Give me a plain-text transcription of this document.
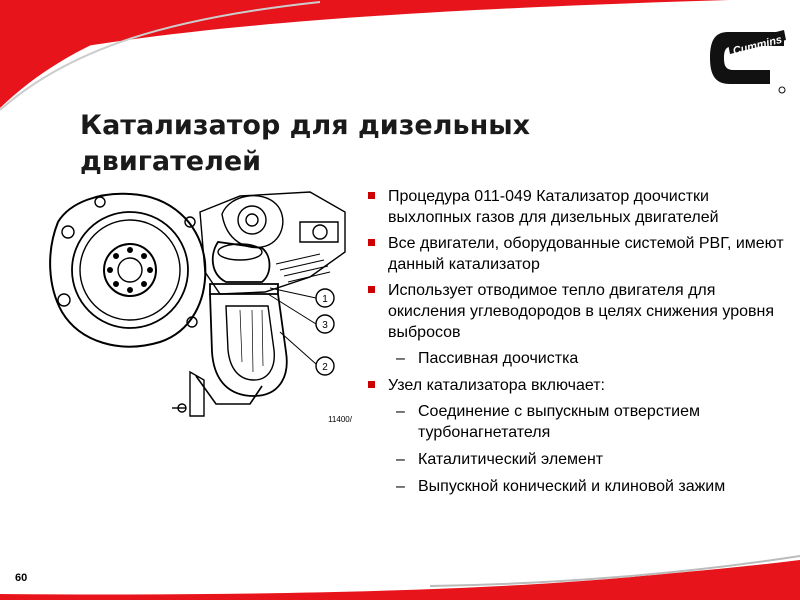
Cummins
Катализатор для дизельных двигателей
1
3
2
11400/
Процедура 011-049 Катализатор доочистки выхлопных газов для дизельных двигателей
Все двигатели, оборудованные системой РВГ, имеют данный катализатор
Использует отводимое тепло двигателя для окисления углеводородов в целях снижения уровня выбросов
– Пассивная доочистка
Узел катализатора включает:
– Соединение с выпускным отверстием турбонагнетателя
– Каталитический элемент
– Выпускной конический и клиновой зажим
60
